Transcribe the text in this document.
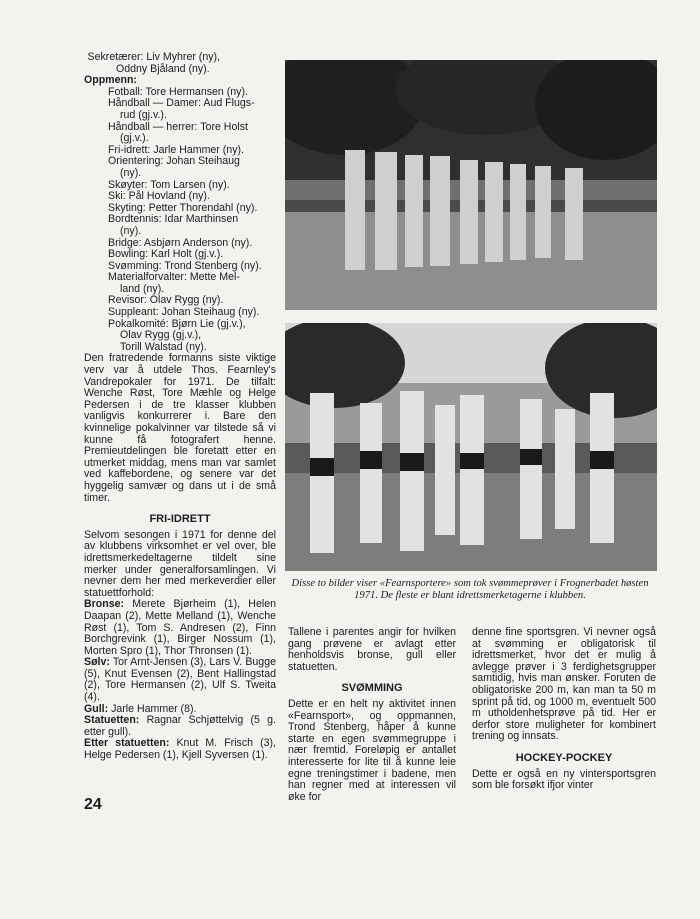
Sekretærer: Liv Myhrer (ny),

Oddny Bjåland (ny).

Oppmenn:

Fotball: Tore Hermansen (ny).

Håndball — Damer: Aud Flugs-

rud (gj.v.).

Håndball — herrer: Tore Holst

(gj.v.).

Fri-idrett: Jarle Hammer (ny).

Orientering: Johan Steihaug

(ny).

Skøyter: Tom Larsen (ny).

Ski: Pål Hovland (ny).

Skyting: Petter Thorendahl (ny).

Bordtennis: Idar Marthinsen

(ny).

Bridge: Asbjørn Anderson (ny).

Bowling: Karl Holt (gj.v.).

Svømming: Trond Stenberg (ny).

Materialforvalter: Mette Mel-

land (ny).

Revisor: Olav Rygg (ny).

Suppleant: Johan Steihaug (ny).

Pokalkomité: Bjørn Lie (gj.v.),

Olav Rygg (gj.v.),

Torill Walstad (ny).

Den fratredende formanns siste viktige verv var å utdele Thos. Fearnley's Vandrepokaler for 1971. De tilfalt: Wenche Røst, Tore Mæhle og Helge Pedersen i de tre klasser klubben vanligvis konkurrerer i. Bare den kvinnelige pokalvinner var tilstede så vi kunne få fotografert henne. Premieutdelingen ble foretatt etter en utmerket middag, mens man var samlet ved kaffebordene, og senere var det hyggelig samvær og dans ut i de små timer.

FRI-IDRETT

Selvom sesongen i 1971 for denne del av klubbens virksomhet er vel over, ble idrettsmerkedeltagerne tildelt sine merker under generalforsamlingen. Vi nevner dem her med merkeverdier eller statuettforhold:

Bronse: Merete Bjørheim (1), Helen Daapan (2), Mette Melland (1), Wenche Røst (1), Tom S. Andresen (2), Finn Borchgrevink (1), Birger Nossum (1), Morten Spro (1), Thor Thronsen (1).

Sølv: Tor Arnt-Jensen (3), Lars V. Bugge (5), Knut Evensen (2), Bent Hallingstad (2), Tore Hermansen (2), Ulf S. Tweita (4).

Gull: Jarle Hammer (8).

Statuetten: Ragnar Schjøttelvig (5 g. etter gull).

Etter statuetten: Knut M. Frisch (3), Helge Pedersen (1), Kjell Syversen (1).

24
Disse to bilder viser «Fearnsportere» som tok svømmeprøver i Frognerbadet høsten 1971. De fleste er blant idrettsmerketagerne i klubben.

Tallene i parentes angir for hvilken gang prøvene er avlagt etter henholdsvis bronse, gull eller statuetten.

SVØMMING

Dette er en helt ny aktivitet innen «Fearnsport», og oppmannen, Trond Stenberg, håper å kunne starte en egen svømmegruppe i nær fremtid. Foreløpig er antallet interesserte for lite til å kunne leie egne treningstimer i badene, men han regner med at interessen vil øke for

denne fine sportsgren. Vi nevner også at svømming er obligatorisk til idrettsmerket, hvor det er mulig å avlegge prøver i 3 ferdighetsgrupper samtidig, hvis man ønsker. Foruten de obligatoriske 200 m, kan man ta 50 m sprint på tid, og 1000 m, eventuelt 500 m utholdenhetsprøve på tid. Her er derfor store muligheter for kombinert trening og innsats.

HOCKEY-POCKEY

Dette er også en ny vintersportsgren som ble forsøkt ifjor vinter
